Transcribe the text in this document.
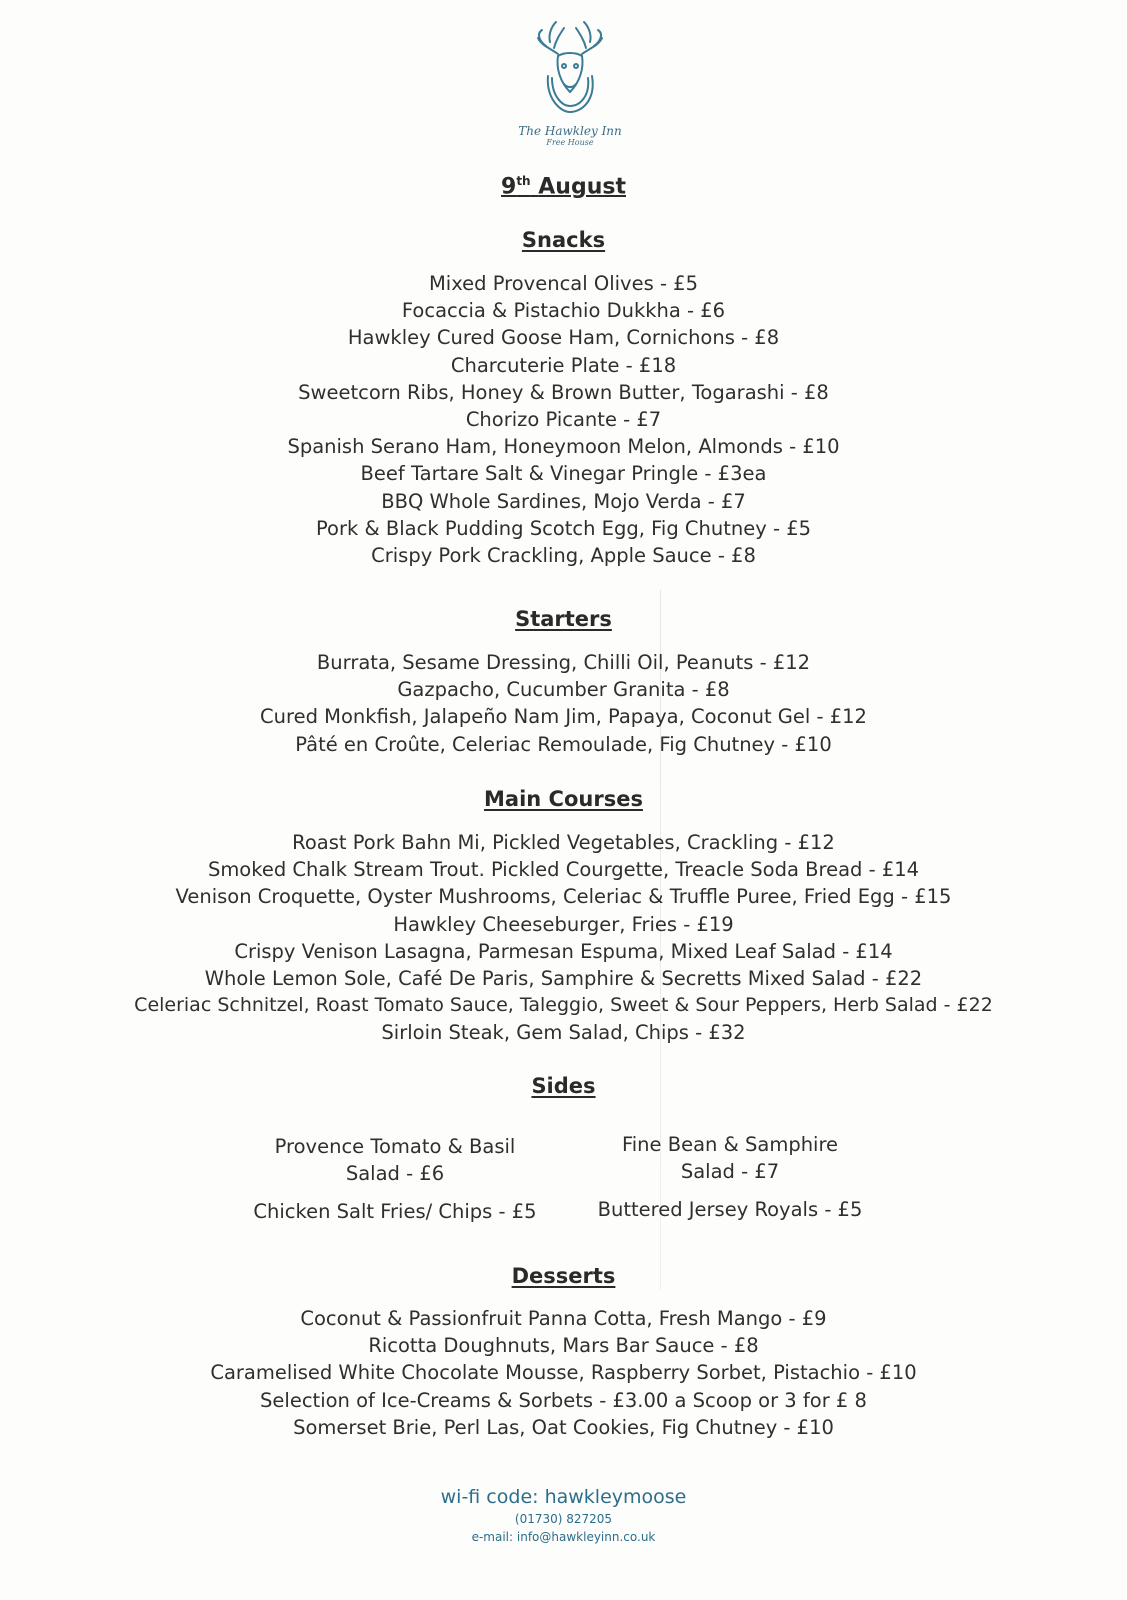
The Hawkley Inn
Free House
9th August
Snacks
Mixed Provencal Olives - £5
Focaccia & Pistachio Dukkha - £6
Hawkley Cured Goose Ham, Cornichons - £8
Charcuterie Plate - £18
Sweetcorn Ribs, Honey & Brown Butter, Togarashi - £8
Chorizo Picante - £7
Spanish Serano Ham, Honeymoon Melon, Almonds - £10
Beef Tartare Salt & Vinegar Pringle - £3ea
BBQ Whole Sardines, Mojo Verda - £7
Pork & Black Pudding Scotch Egg, Fig Chutney - £5
Crispy Pork Crackling, Apple Sauce - £8
Starters
Burrata, Sesame Dressing, Chilli Oil, Peanuts - £12
Gazpacho, Cucumber Granita - £8
Cured Monkfish, Jalapeño Nam Jim, Papaya, Coconut Gel - £12
Pâté en Croûte, Celeriac Remoulade, Fig Chutney - £10
Main Courses
Roast Pork Bahn Mi, Pickled Vegetables, Crackling - £12
Smoked Chalk Stream Trout. Pickled Courgette, Treacle Soda Bread - £14
Venison Croquette, Oyster Mushrooms, Celeriac & Truffle Puree, Fried Egg - £15
Hawkley Cheeseburger, Fries - £19
Crispy Venison Lasagna, Parmesan Espuma, Mixed Leaf Salad - £14
Whole Lemon Sole, Café De Paris, Samphire & Secretts Mixed Salad - £22
Celeriac Schnitzel, Roast Tomato Sauce, Taleggio, Sweet & Sour Peppers, Herb Salad - £22
Sirloin Steak, Gem Salad, Chips - £32
Sides
Provence Tomato & Basil
Salad - £6
Fine Bean & Samphire
Salad - £7
Chicken Salt Fries/ Chips - £5	Buttered Jersey Royals - £5
Desserts
Coconut & Passionfruit Panna Cotta, Fresh Mango - £9
Ricotta Doughnuts, Mars Bar Sauce - £8
Caramelised White Chocolate Mousse, Raspberry Sorbet, Pistachio - £10
Selection of Ice-Creams & Sorbets - £3.00 a Scoop or 3 for £ 8
Somerset Brie, Perl Las, Oat Cookies, Fig Chutney - £10
wi-fi code: hawkleymoose
(01730) 827205
e-mail: info@hawkleyinn.co.uk
